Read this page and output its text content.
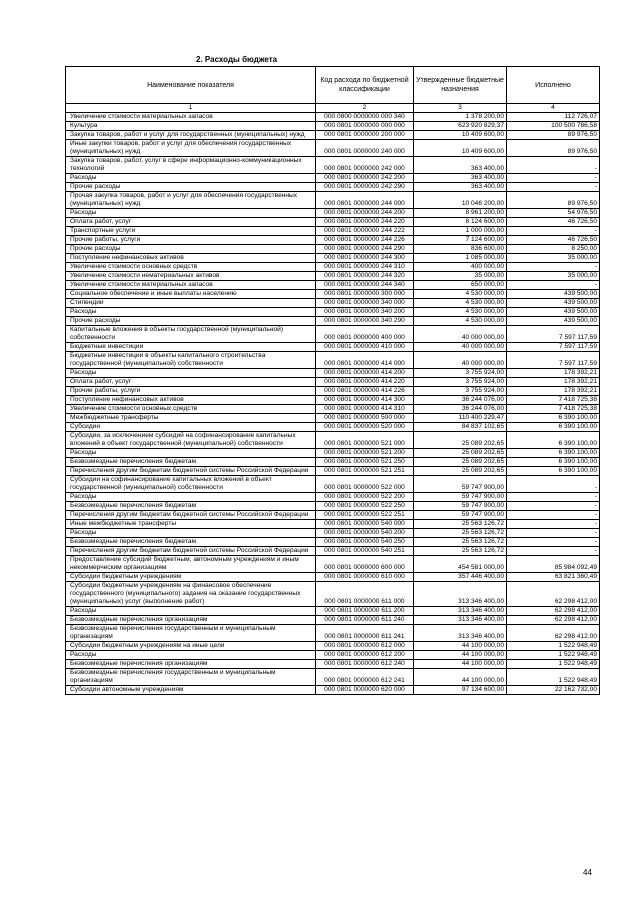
2. Расходы бюджета
Наименование показателя	Код расхода по бюджетной классификации	Утвержденные бюджетные назначения	Исполнено
1	2	3	4
Увеличение стоимости материальных запасов	000 0800 0000000 000 340	1 378 200,00	112 726,07
Культура	000 0801 0000000 000 000	623 920 829,37	100 500 786,58
Закупка товаров, работ и услуг для государственных (муниципальных) нужд	000 0801 0000000 200 000	10 409 600,00	89 976,50
Иные закупки товаров, работ и услуг для обеспечения государственных (муниципальных) нужд	000 0801 0000000 240 000	10 409 600,00	89 976,50
Закупка товаров, работ, услуг в сфере информационно-коммуникационных технологий	000 0801 0000000 242 000	363 400,00	-
Расходы	000 0801 0000000 242 200	363 400,00	-
Прочие расходы	000 0801 0000000 242 290	363 400,00	-
Прочая закупка товаров, работ и услуг для обеспечения государственных (муниципальных) нужд	000 0801 0000000 244 000	10 046 200,00	89 976,50
Расходы	000 0801 0000000 244 200	8 961 200,00	54 976,50
Оплата работ, услуг	000 0801 0000000 244 220	8 124 600,00	46 726,50
Транспортные услуги	000 0801 0000000 244 222	1 000 000,00	-
Прочие работы, услуги	000 0801 0000000 244 226	7 124 600,00	46 726,50
Прочие расходы	000 0801 0000000 244 290	836 600,00	8 250,00
Поступление нефинансовых активов	000 0801 0000000 244 300	1 085 000,00	35 000,00
Увеличение стоимости основных средств	000 0801 0000000 244 310	400 000,00	-
Увеличение стоимости нематериальных активов	000 0801 0000000 244 320	35 000,00	35 000,00
Увеличение стоимости материальных запасов	000 0801 0000000 244 340	650 000,00	-
Социальное обеспечение и иные выплаты населению	000 0801 0000000 300 000	4 530 000,00	439 500,00
Стипендии	000 0801 0000000 340 000	4 530 000,00	439 500,00
Расходы	000 0801 0000000 340 200	4 530 000,00	439 500,00
Прочие расходы	000 0801 0000000 340 290	4 530 000,00	439 500,00
Капитальные вложения в объекты государственной (муниципальной) собственности	000 0801 0000000 400 000	40 000 000,00	7 597 117,59
Бюджетные инвестиции	000 0801 0000000 410 000	40 000 000,00	7 597 117,59
Бюджетные инвестиции в объекты капитального строительства государственной (муниципальной) собственности	000 0801 0000000 414 000	40 000 000,00	7 597 117,59
Расходы	000 0801 0000000 414 200	3 755 924,00	178 392,21
Оплата работ, услуг	000 0801 0000000 414 220	3 755 924,00	178 392,21
Прочие работы, услуги	000 0801 0000000 414 226	3 755 924,00	178 392,21
Поступление нефинансовых активов	000 0801 0000000 414 300	36 244 076,00	7 418 725,38
Увеличение стоимости основных средств	000 0801 0000000 414 310	36 244 076,00	7 418 725,38
Межбюджетные трансферты	000 0801 0000000 500 000	110 400 229,47	6 390 100,00
Субсидии	000 0801 0000000 520 000	84 837 102,65	6 390 100,00
Субсидии, за исключением субсидий на софинансирование капитальных вложений в объект государственной (муниципальной) собственности	000 0801 0000000 521 000	25 089 202,65	6 390 100,00
Расходы	000 0801 0000000 521 200	25 089 202,65	6 390 100,00
Безвозмездные перечисления бюджетам	000 0801 0000000 521 250	25 089 202,65	6 390 100,00
Перечисления другим бюджетам бюджетной системы Российской Федерации	000 0801 0000000 521 251	25 089 202,65	6 390 100,00
Субсидии на софинансирование капитальных вложений в объект государственной (муниципальной) собственности	000 0801 0000000 522 000	59 747 900,00	-
Расходы	000 0801 0000000 522 200	59 747 900,00	-
Безвозмездные перечисления бюджетам	000 0801 0000000 522 250	59 747 900,00	-
Перечисления другим бюджетам бюджетной системы Российской Федерации	000 0801 0000000 522 251	59 747 900,00	-
Иные межбюджетные трансферты	000 0801 0000000 540 000	25 563 126,72	-
Расходы	000 0801 0000000 540 200	25 563 126,72	-
Безвозмездные перечисления бюджетам	000 0801 0000000 540 250	25 563 126,72	-
Перечисления другим бюджетам бюджетной системы Российской Федерации	000 0801 0000000 540 251	25 563 126,72	-
Предоставление субсидий бюджетным, автономным учреждениям и иным некоммерческим организациям	000 0801 0000000 600 000	454 581 000,00	85 984 092,49
Субсидии бюджетным учреждениям	000 0801 0000000 610 000	357 446 400,00	63 821 360,49
Субсидии бюджетным учреждениям на финансовое обеспечение государственного (муниципального) задания на оказание государственных (муниципальных) услуг (выполнение работ)	000 0801 0000000 611 000	313 346 400,00	62 298 412,00
Расходы	000 0801 0000000 611 200	313 346 400,00	62 298 412,00
Безвозмездные перечисления организациям	000 0801 0000000 611 240	313 346 400,00	62 298 412,00
Безвозмездные перечисления государственным и муниципальным организациям	000 0801 0000000 611 241	313 346 400,00	62 298 412,00
Субсидии бюджетным учреждениям на иные цели	000 0801 0000000 612 000	44 100 000,00	1 522 948,49
Расходы	000 0801 0000000 612 200	44 100 000,00	1 522 948,49
Безвозмездные перечисления организациям	000 0801 0000000 612 240	44 100 000,00	1 522 948,49
Безвозмездные перечисления государственным и муниципальным организациям	000 0801 0000000 612 241	44 100 000,00	1 522 948,49
Субсидии автономным учреждениям	000 0801 0000000 620 000	97 134 600,00	22 162 732,00
44
